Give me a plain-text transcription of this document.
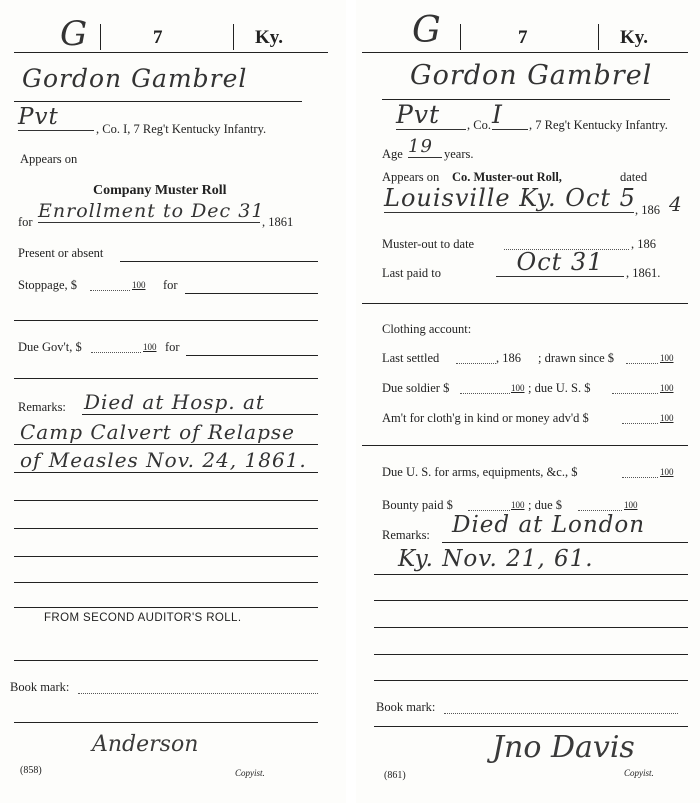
G	7	Ky.
Gordon Gambrel
Pvt	, Co. I, 7 Reg't Kentucky Infantry.
Appears on
Company Muster Roll
for Enrollment to Dec 31
, 1861
Present or absent
Stoppage, $	100 for
Due Gov't, $	100 for
Remarks: Died at Hosp. at
Camp Calvert of Relapse
of Measles Nov. 24, 1861.
FROM SECOND AUDITOR'S ROLL.
Book mark:
Anderson
Copyist.
(858)
G	7	Ky.
Gordon Gambrel
Pvt	, Co. I	, 7 Reg't Kentucky Infantry.
Age 19 years.
Appears on Co. Muster-out Roll,	dated
Louisville Ky. Oct 5 , 186 4
Muster-out to date	, 186
Last paid to	Oct 31	, 1861.
Clothing account:
Last settled	, 186 ; drawn since $	100
Due soldier $	100 ; due U. S. $	100
Am't for cloth'g in kind or money adv'd $	100
Due U. S. for arms, equipments, &c., $	100
Bounty paid $	100 ; due $	100
Remarks: Died at London
Ky. Nov. 21, 61.
Book mark:
Jno Davis
Copyist.
(861)
